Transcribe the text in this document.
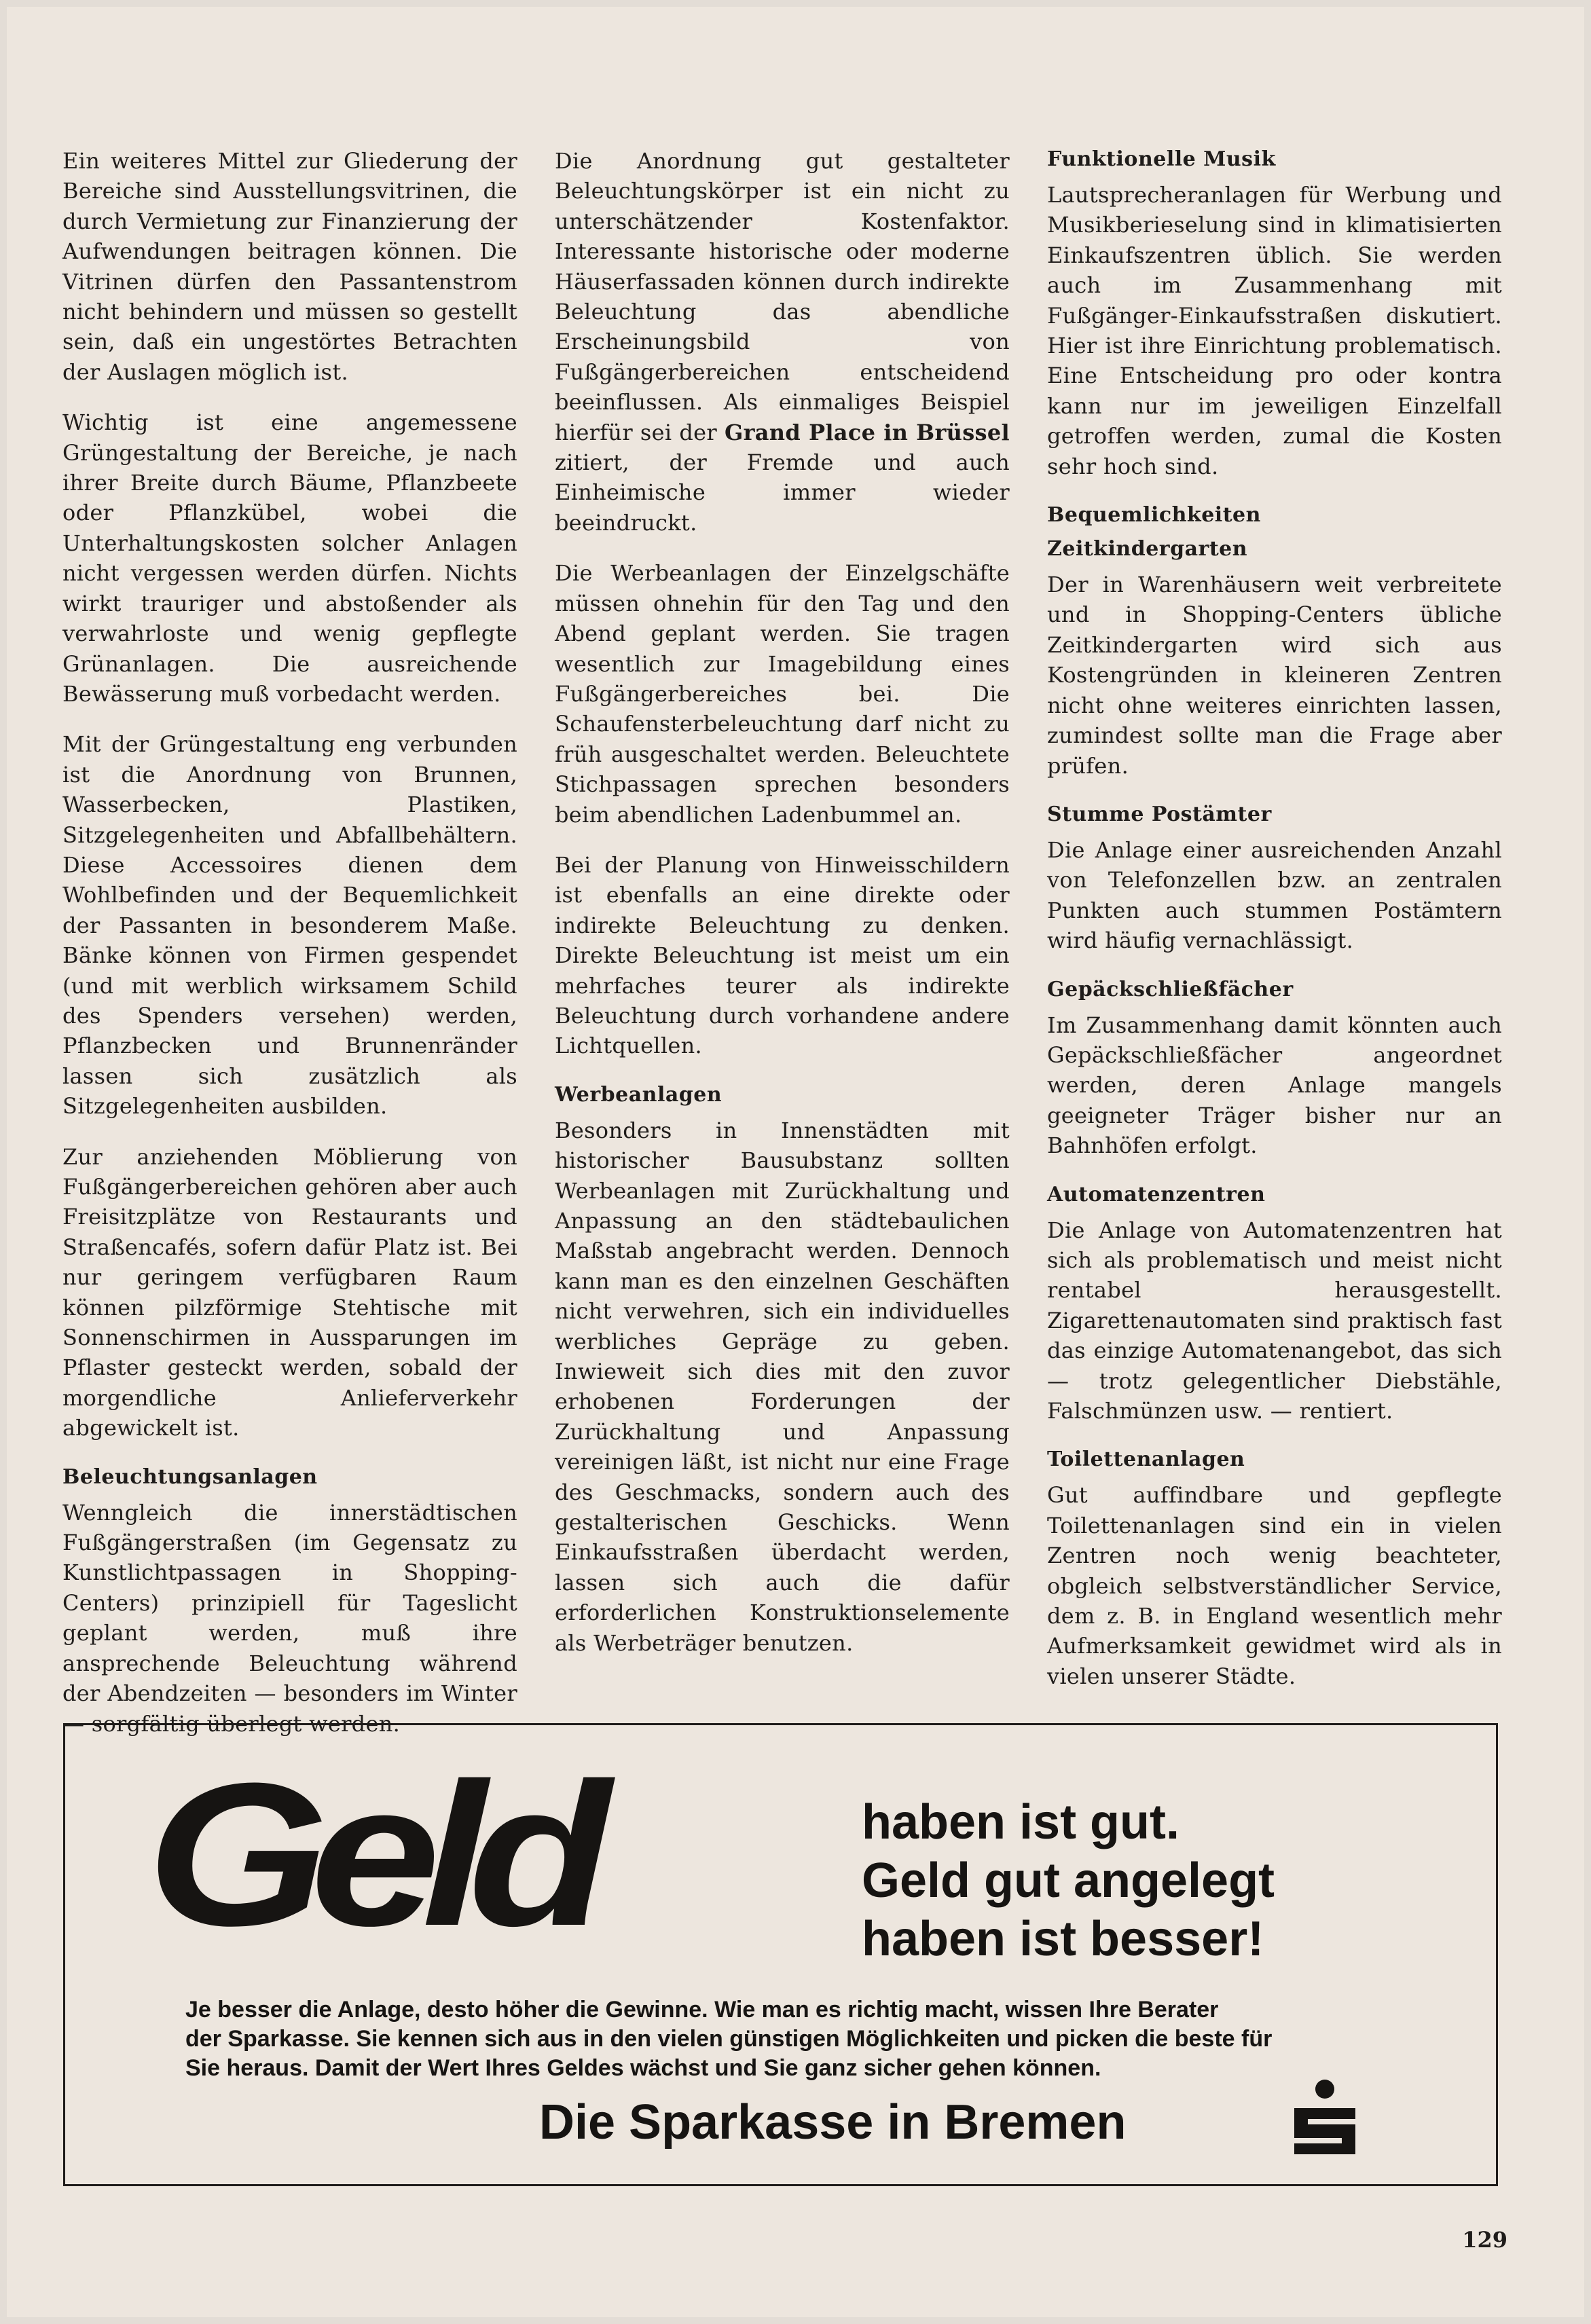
Ein weiteres Mittel zur Gliederung der Bereiche sind Ausstellungsvitrinen, die durch Vermietung zur Finanzierung der Aufwendungen beitragen können. Die Vitrinen dürfen den Passantenstrom nicht behindern und müssen so gestellt sein, daß ein ungestörtes Betrachten der Auslagen möglich ist.

Wichtig ist eine angemessene Grüngestaltung der Bereiche, je nach ihrer Breite durch Bäume, Pflanzbeete oder Pflanzkübel, wobei die Unterhaltungskosten solcher Anlagen nicht vergessen werden dürfen. Nichts wirkt trauriger und abstoßender als verwahrloste und wenig gepflegte Grünanlagen. Die ausreichende Bewässerung muß vorbedacht werden.

Mit der Grüngestaltung eng verbunden ist die Anordnung von Brunnen, Wasserbecken, Plastiken, Sitzgelegenheiten und Abfallbehältern. Diese Accessoires dienen dem Wohlbefinden und der Bequemlichkeit der Passanten in besonderem Maße. Bänke können von Firmen gespendet (und mit werblich wirksamem Schild des Spenders versehen) werden, Pflanzbecken und Brunnenränder lassen sich zusätzlich als Sitzgelegenheiten ausbilden.

Zur anziehenden Möblierung von Fußgängerbereichen gehören aber auch Freisitzplätze von Restaurants und Straßencafés, sofern dafür Platz ist. Bei nur geringem verfügbaren Raum können pilzförmige Stehtische mit Sonnenschirmen in Aussparungen im Pflaster gesteckt werden, sobald der morgendliche Anlieferverkehr abgewickelt ist.

Beleuchtungsanlagen

Wenngleich die innerstädtischen Fußgängerstraßen (im Gegensatz zu Kunstlichtpassagen in Shopping-Centers) prinzipiell für Tageslicht geplant werden, muß ihre ansprechende Beleuchtung während der Abendzeiten — besonders im Winter — sorgfältig überlegt werden.

Die Anordnung gut gestalteter Beleuchtungskörper ist ein nicht zu unterschätzender Kostenfaktor. Interessante historische oder moderne Häuserfassaden können durch indirekte Beleuchtung das abendliche Erscheinungsbild von Fußgängerbereichen entscheidend beeinflussen. Als einmaliges Beispiel hierfür sei der Grand Place in Brüssel zitiert, der Fremde und auch Einheimische immer wieder beeindruckt.

Die Werbeanlagen der Einzelgschäfte müssen ohnehin für den Tag und den Abend geplant werden. Sie tragen wesentlich zur Imagebildung eines Fußgängerbereiches bei. Die Schaufensterbeleuchtung darf nicht zu früh ausgeschaltet werden. Beleuchtete Stichpassagen sprechen besonders beim abendlichen Ladenbummel an.

Bei der Planung von Hinweisschildern ist ebenfalls an eine direkte oder indirekte Beleuchtung zu denken. Direkte Beleuchtung ist meist um ein mehrfaches teurer als indirekte Beleuchtung durch vorhandene andere Lichtquellen.

Werbeanlagen

Besonders in Innenstädten mit historischer Bausubstanz sollten Werbeanlagen mit Zurückhaltung und Anpassung an den städtebaulichen Maßstab angebracht werden. Dennoch kann man es den einzelnen Geschäften nicht verwehren, sich ein individuelles werbliches Gepräge zu geben. Inwieweit sich dies mit den zuvor erhobenen Forderungen der Zurückhaltung und Anpassung vereinigen läßt, ist nicht nur eine Frage des Geschmacks, sondern auch des gestalterischen Geschicks. Wenn Einkaufsstraßen überdacht werden, lassen sich auch die dafür erforderlichen Konstruktionselemente als Werbeträger benutzen.

Funktionelle Musik

Lautsprecheranlagen für Werbung und Musikberieselung sind in klimatisierten Einkaufszentren üblich. Sie werden auch im Zusammenhang mit Fußgänger-Einkaufsstraßen diskutiert. Hier ist ihre Einrichtung problematisch. Eine Entscheidung pro oder kontra kann nur im jeweiligen Einzelfall getroffen werden, zumal die Kosten sehr hoch sind.

Bequemlichkeiten
Zeitkindergarten

Der in Warenhäusern weit verbreitete und in Shopping-Centers übliche Zeitkindergarten wird sich aus Kostengründen in kleineren Zentren nicht ohne weiteres einrichten lassen, zumindest sollte man die Frage aber prüfen.

Stumme Postämter

Die Anlage einer ausreichenden Anzahl von Telefonzellen bzw. an zentralen Punkten auch stummen Postämtern wird häufig vernachlässigt.

Gepäckschließfächer

Im Zusammenhang damit könnten auch Gepäckschließfächer angeordnet werden, deren Anlage mangels geeigneter Träger bisher nur an Bahnhöfen erfolgt.

Automatenzentren

Die Anlage von Automatenzentren hat sich als problematisch und meist nicht rentabel herausgestellt. Zigarettenautomaten sind praktisch fast das einzige Automatenangebot, das sich — trotz gelegentlicher Diebstähle, Falschmünzen usw. — rentiert.

Toilettenanlagen

Gut auffindbare und gepflegte Toilettenanlagen sind ein in vielen Zentren noch wenig beachteter, obgleich selbstverständlicher Service, dem z. B. in England wesentlich mehr Aufmerksamkeit gewidmet wird als in vielen unserer Städte.

Geld	haben ist gut.
Geld gut angelegt
haben ist besser!
Je besser die Anlage, desto höher die Gewinne. Wie man es richtig macht, wissen Ihre Berater
der Sparkasse. Sie kennen sich aus in den vielen günstigen Möglichkeiten und picken die beste für
Sie heraus. Damit der Wert Ihres Geldes wächst und Sie ganz sicher gehen können.
Die Sparkasse in Bremen
129
